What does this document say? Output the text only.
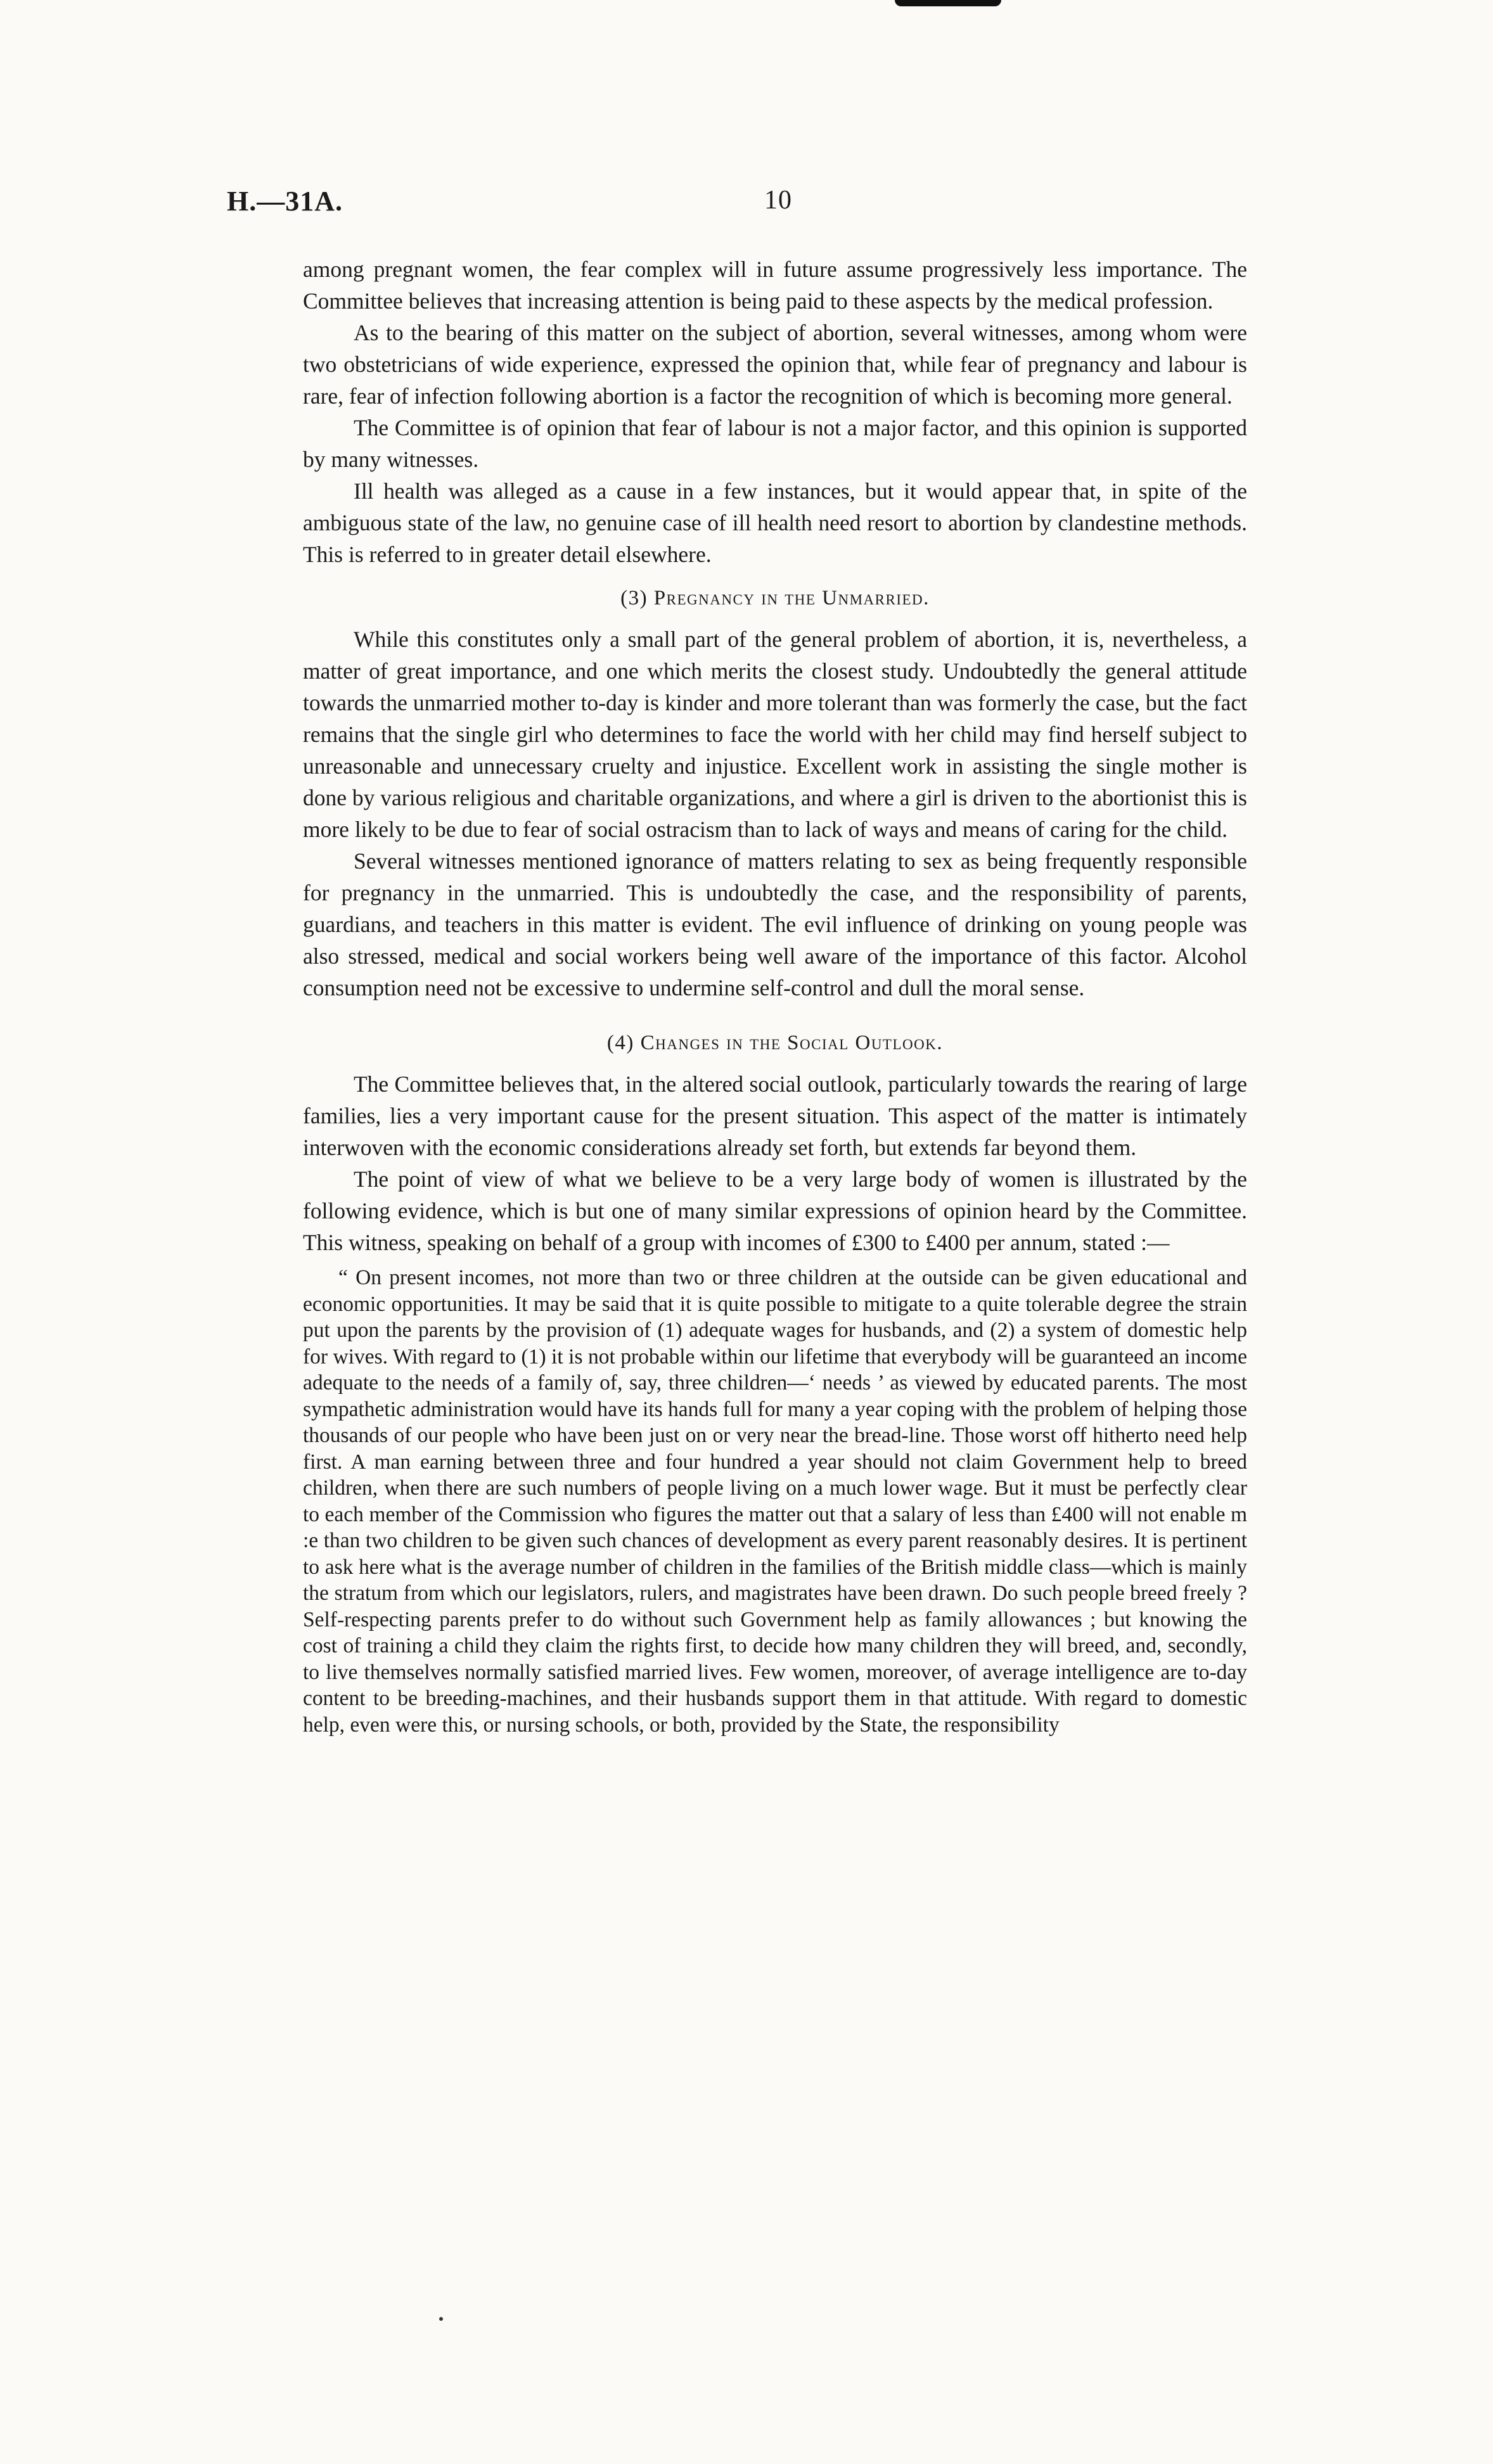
H.—31A.	10

among pregnant women, the fear complex will in future assume progressively less importance. The Committee believes that increasing attention is being paid to these aspects by the medical profession.

As to the bearing of this matter on the subject of abortion, several witnesses, among whom were two obstetricians of wide experience, expressed the opinion that, while fear of pregnancy and labour is rare, fear of infection following abortion is a factor the recognition of which is becoming more general.

The Committee is of opinion that fear of labour is not a major factor, and this opinion is supported by many witnesses.

Ill health was alleged as a cause in a few instances, but it would appear that, in spite of the ambiguous state of the law, no genuine case of ill health need resort to abortion by clandestine methods. This is referred to in greater detail elsewhere.

(3) Pregnancy in the Unmarried.

While this constitutes only a small part of the general problem of abortion, it is, nevertheless, a matter of great importance, and one which merits the closest study. Undoubtedly the general attitude towards the unmarried mother to-day is kinder and more tolerant than was formerly the case, but the fact remains that the single girl who determines to face the world with her child may find herself subject to unreasonable and unnecessary cruelty and injustice. Excellent work in assisting the single mother is done by various religious and charitable organizations, and where a girl is driven to the abortionist this is more likely to be due to fear of social ostracism than to lack of ways and means of caring for the child.

Several witnesses mentioned ignorance of matters relating to sex as being frequently responsible for pregnancy in the unmarried. This is undoubtedly the case, and the responsibility of parents, guardians, and teachers in this matter is evident. The evil influence of drinking on young people was also stressed, medical and social workers being well aware of the importance of this factor. Alcohol consumption need not be excessive to undermine self-control and dull the moral sense.

(4) Changes in the Social Outlook.

The Committee believes that, in the altered social outlook, particularly towards the rearing of large families, lies a very important cause for the present situation. This aspect of the matter is intimately interwoven with the economic considerations already set forth, but extends far beyond them.

The point of view of what we believe to be a very large body of women is illustrated by the following evidence, which is but one of many similar expressions of opinion heard by the Committee. This witness, speaking on behalf of a group with incomes of £300 to £400 per annum, stated :—

“ On present incomes, not more than two or three children at the outside can be given educational and economic opportunities. It may be said that it is quite possible to mitigate to a quite tolerable degree the strain put upon the parents by the provision of (1) adequate wages for husbands, and (2) a system of domestic help for wives. With regard to (1) it is not probable within our lifetime that everybody will be guaranteed an income adequate to the needs of a family of, say, three children—‘ needs ’ as viewed by educated parents. The most sympathetic administration would have its hands full for many a year coping with the problem of helping those thousands of our people who have been just on or very near the bread-line. Those worst off hitherto need help first. A man earning between three and four hundred a year should not claim Government help to breed children, when there are such numbers of people living on a much lower wage. But it must be perfectly clear to each member of the Commission who figures the matter out that a salary of less than £400 will not enable m :e than two children to be given such chances of development as every parent reasonably desires. It is pertinent to ask here what is the average number of children in the families of the British middle class—which is mainly the stratum from which our legislators, rulers, and magistrates have been drawn. Do such people breed freely ? Self-respecting parents prefer to do without such Government help as family allowances ; but knowing the cost of training a child they claim the rights first, to decide how many children they will breed, and, secondly, to live themselves normally satisfied married lives. Few women, moreover, of average intelligence are to-day content to be breeding-machines, and their husbands support them in that attitude. With regard to domestic help, even were this, or nursing schools, or both, provided by the State, the responsibility
